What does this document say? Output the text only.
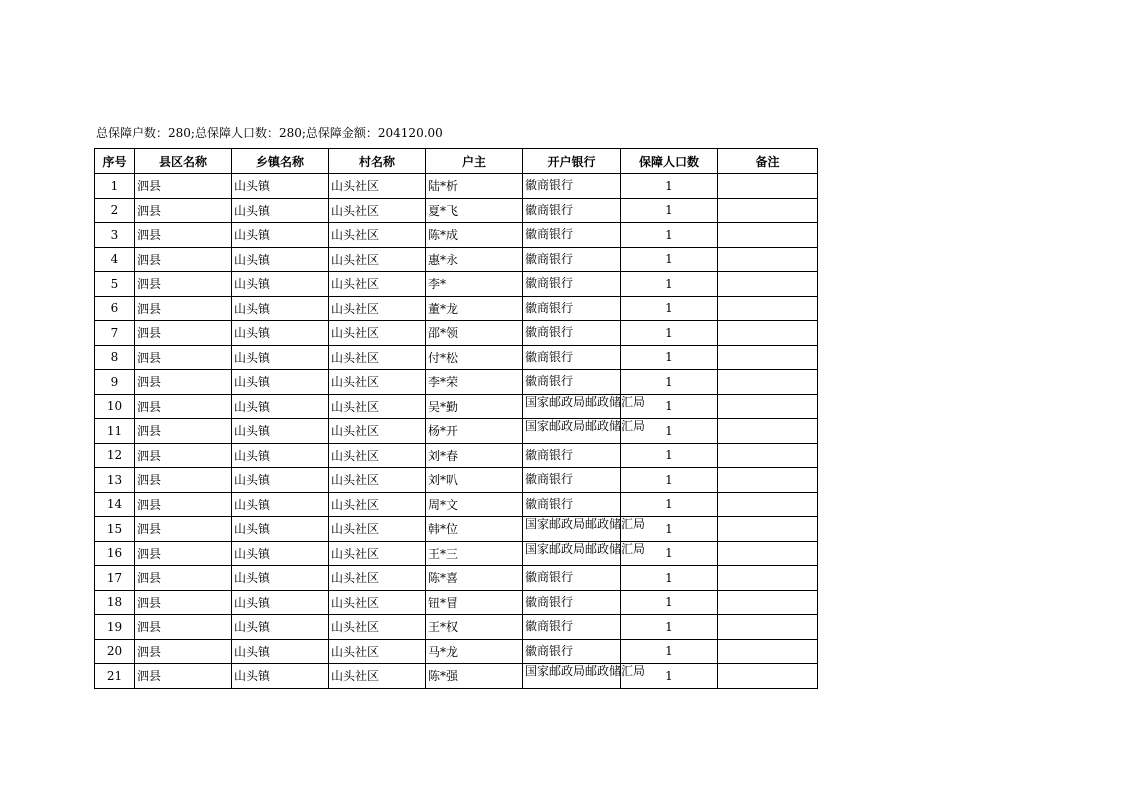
总保障户数：280;总保障人口数：280;总保障金额：204120.00
序号	县区名称	乡镇名称	村名称	户主	开户银行	保障人口数	备注
1	泗县	山头镇	山头社区	陆*析	徽商银行	1	
2	泗县	山头镇	山头社区	夏*飞	徽商银行	1	
3	泗县	山头镇	山头社区	陈*成	徽商银行	1	
4	泗县	山头镇	山头社区	惠*永	徽商银行	1	
5	泗县	山头镇	山头社区	李*	徽商银行	1	
6	泗县	山头镇	山头社区	董*龙	徽商银行	1	
7	泗县	山头镇	山头社区	邵*领	徽商银行	1	
8	泗县	山头镇	山头社区	付*松	徽商银行	1	
9	泗县	山头镇	山头社区	李*荣	徽商银行	1	
10	泗县	山头镇	山头社区	吴*勤	国家邮政局邮政储汇局	1	
11	泗县	山头镇	山头社区	杨*开	国家邮政局邮政储汇局	1	
12	泗县	山头镇	山头社区	刘*春	徽商银行	1	
13	泗县	山头镇	山头社区	刘*叭	徽商银行	1	
14	泗县	山头镇	山头社区	周*文	徽商银行	1	
15	泗县	山头镇	山头社区	韩*位	国家邮政局邮政储汇局	1	
16	泗县	山头镇	山头社区	王*三	国家邮政局邮政储汇局	1	
17	泗县	山头镇	山头社区	陈*喜	徽商银行	1	
18	泗县	山头镇	山头社区	钮*冒	徽商银行	1	
19	泗县	山头镇	山头社区	王*权	徽商银行	1	
20	泗县	山头镇	山头社区	马*龙	徽商银行	1	
21	泗县	山头镇	山头社区	陈*强	国家邮政局邮政储汇局	1	
